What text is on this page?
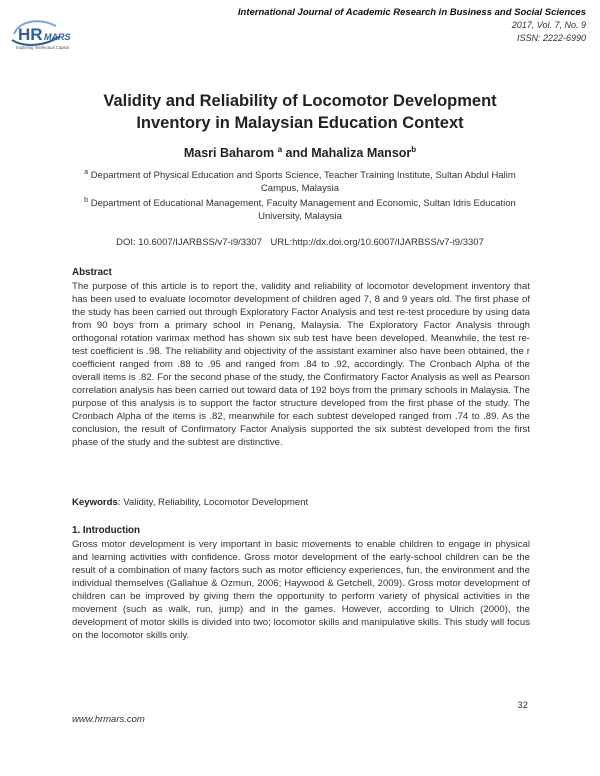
HR MARS
Exploring Intellectual Capital
International Journal of Academic Research in Business and Social Sciences
2017, Vol. 7, No. 9
ISSN: 2222-6990
Validity and Reliability of Locomotor Development
Inventory in Malaysian Education Context
Masri Baharom $^a$ and Mahaliza Mansor$^b$
$^a$ Department of Physical Education and Sports Science, Teacher Training Institute, Sultan Abdul Halim Campus, Malaysia
$^b$ Department of Educational Management, Faculty Management and Economic, Sultan Idris Education University, Malaysia
DOI: 10.6007/IJARBSS/v7-i9/3307 URL:http://dx.doi.org/10.6007/IJARBSS/v7-i9/3307
Abstract

The purpose of this article is to report the, validity and reliability of locomotor development inventory that has been used to evaluate locomotor development of children aged 7, 8 and 9 years old. The first phase of the study has been carried out through Exploratory Factor Analysis and test re-test procedure by using data from 90 boys from a primary school in Penang, Malaysia. The Exploratory Factor Analysis through orthogonal rotation varimax method has shown six sub test have been developed. Meanwhile, the test re-test coefficient is .98. The reliability and objectivity of the assistant examiner also have been obtained, the r coefficient ranged from .88 to .95 and ranged from .84 to .92, accordingly. The Cronbach Alpha of the overall items is .82. For the second phase of the study, the Confirmatory Factor Analysis as well as Pearson correlation analysis has been carried out toward data of 192 boys from the primary schools in Malaysia. The purpose of this analysis is to support the factor structure developed from the first phase of the study. The Cronbach Alpha of the items is .82, meanwhile for each subtest developed ranged from .74 to .89. As the conclusion, the result of Confirmatory Factor Analysis supported the six subtest developed from the first phase of the study and the subtest are distinctive.

Keywords: Validity, Reliability, Locomotor Development
1. Introduction

Gross motor development is very important in basic movements to enable children to engage in physical and learning activities with confidence. Gross motor development of the early-school children can be the result of a combination of many factors such as motor efficiency experiences, fun, the environment and the individual themselves (Gallahue & Ozmun, 2006; Haywood & Getchell, 2009). Gross motor development of children can be improved by giving them the opportunity to perform variety of physical activities in the movement (such as walk, run, jump) and in the games. However, according to Ulrich (2000), the development of motor skills is divided into two; locomotor skills and manipulative skills. This study will focus on the locomotor skills only.

32
www.hrmars.com
